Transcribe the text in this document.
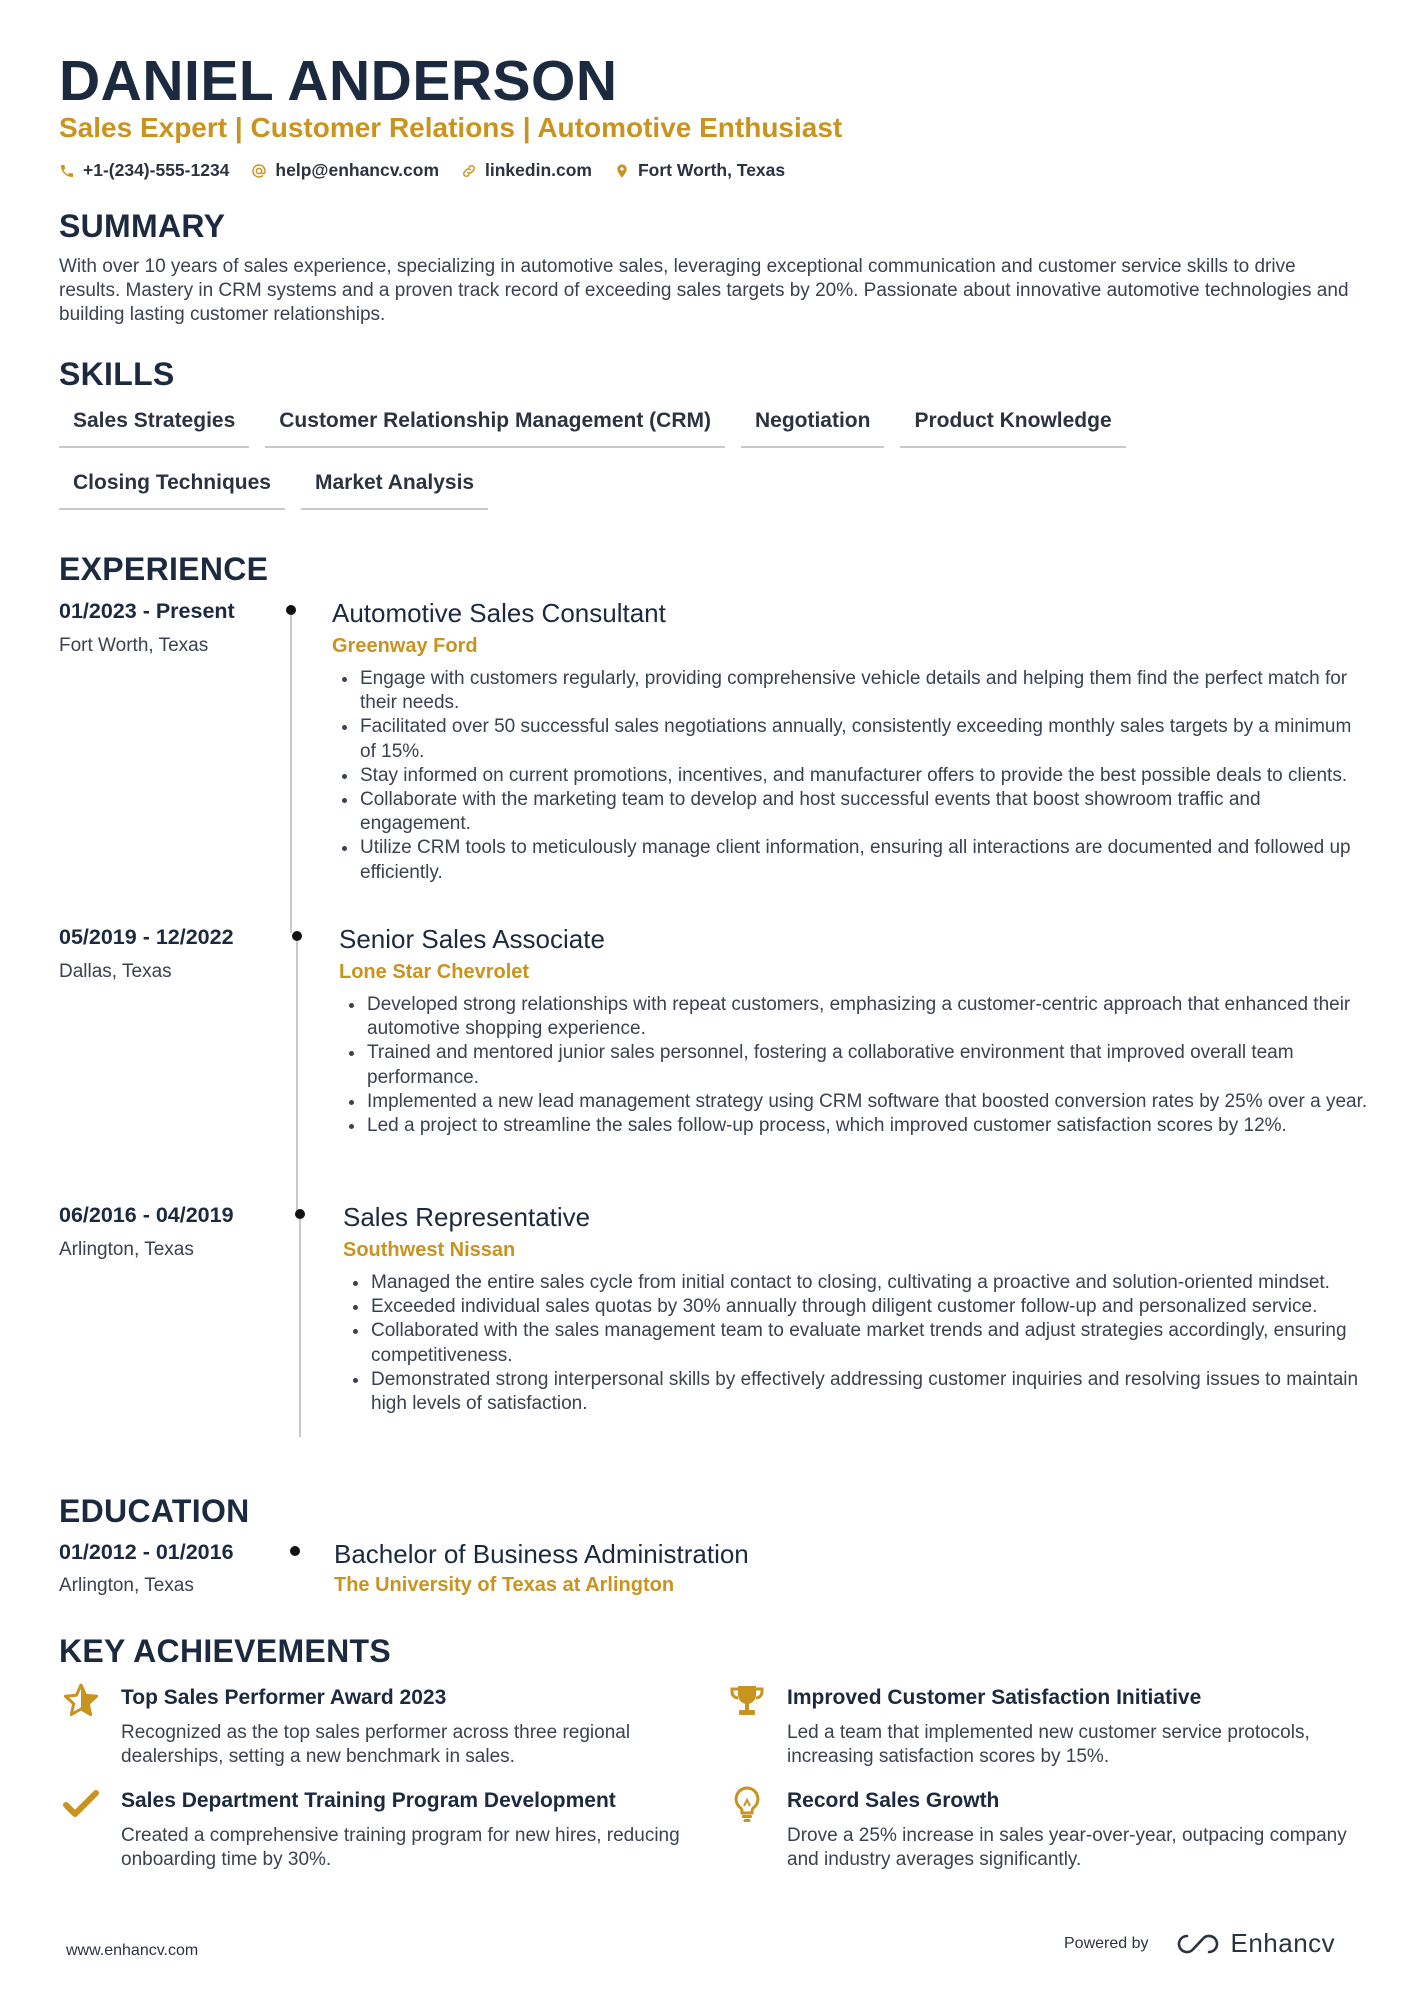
DANIEL ANDERSON
Sales Expert | Customer Relations | Automotive Enthusiast
+1-(234)-555-1234	help@enhancv.com	linkedin.com	Fort Worth, Texas
SUMMARY
With over 10 years of sales experience, specializing in automotive sales, leveraging exceptional communication and customer service skills to drive results. Mastery in CRM systems and a proven track record of exceeding sales targets by 20%. Passionate about innovative automotive technologies and building lasting customer relationships.
SKILLS
Sales Strategies	Customer Relationship Management (CRM)	Negotiation	Product Knowledge
Closing Techniques	Market Analysis
EXPERIENCE
01/2023 - Present
Fort Worth, Texas
Automotive Sales Consultant
Greenway Ford
Engage with customers regularly, providing comprehensive vehicle details and helping them find the perfect match for their needs.
Facilitated over 50 successful sales negotiations annually, consistently exceeding monthly sales targets by a minimum of 15%.
Stay informed on current promotions, incentives, and manufacturer offers to provide the best possible deals to clients.
Collaborate with the marketing team to develop and host successful events that boost showroom traffic and engagement.
Utilize CRM tools to meticulously manage client information, ensuring all interactions are documented and followed up efficiently.
05/2019 - 12/2022
Dallas, Texas
Senior Sales Associate
Lone Star Chevrolet
Developed strong relationships with repeat customers, emphasizing a customer-centric approach that enhanced their automotive shopping experience.
Trained and mentored junior sales personnel, fostering a collaborative environment that improved overall team performance.
Implemented a new lead management strategy using CRM software that boosted conversion rates by 25% over a year.
Led a project to streamline the sales follow-up process, which improved customer satisfaction scores by 12%.
06/2016 - 04/2019
Arlington, Texas
Sales Representative
Southwest Nissan
Managed the entire sales cycle from initial contact to closing, cultivating a proactive and solution-oriented mindset.
Exceeded individual sales quotas by 30% annually through diligent customer follow-up and personalized service.
Collaborated with the sales management team to evaluate market trends and adjust strategies accordingly, ensuring competitiveness.
Demonstrated strong interpersonal skills by effectively addressing customer inquiries and resolving issues to maintain high levels of satisfaction.
EDUCATION
01/2012 - 01/2016
Arlington, Texas
Bachelor of Business Administration
The University of Texas at Arlington
KEY ACHIEVEMENTS
Top Sales Performer Award 2023
Recognized as the top sales performer across three regional dealerships, setting a new benchmark in sales.
Improved Customer Satisfaction Initiative
Led a team that implemented new customer service protocols, increasing satisfaction scores by 15%.
Sales Department Training Program Development
Created a comprehensive training program for new hires, reducing onboarding time by 30%.
Record Sales Growth
Drove a 25% increase in sales year-over-year, outpacing company and industry averages significantly.
www.enhancv.com	Powered by	Enhancv
